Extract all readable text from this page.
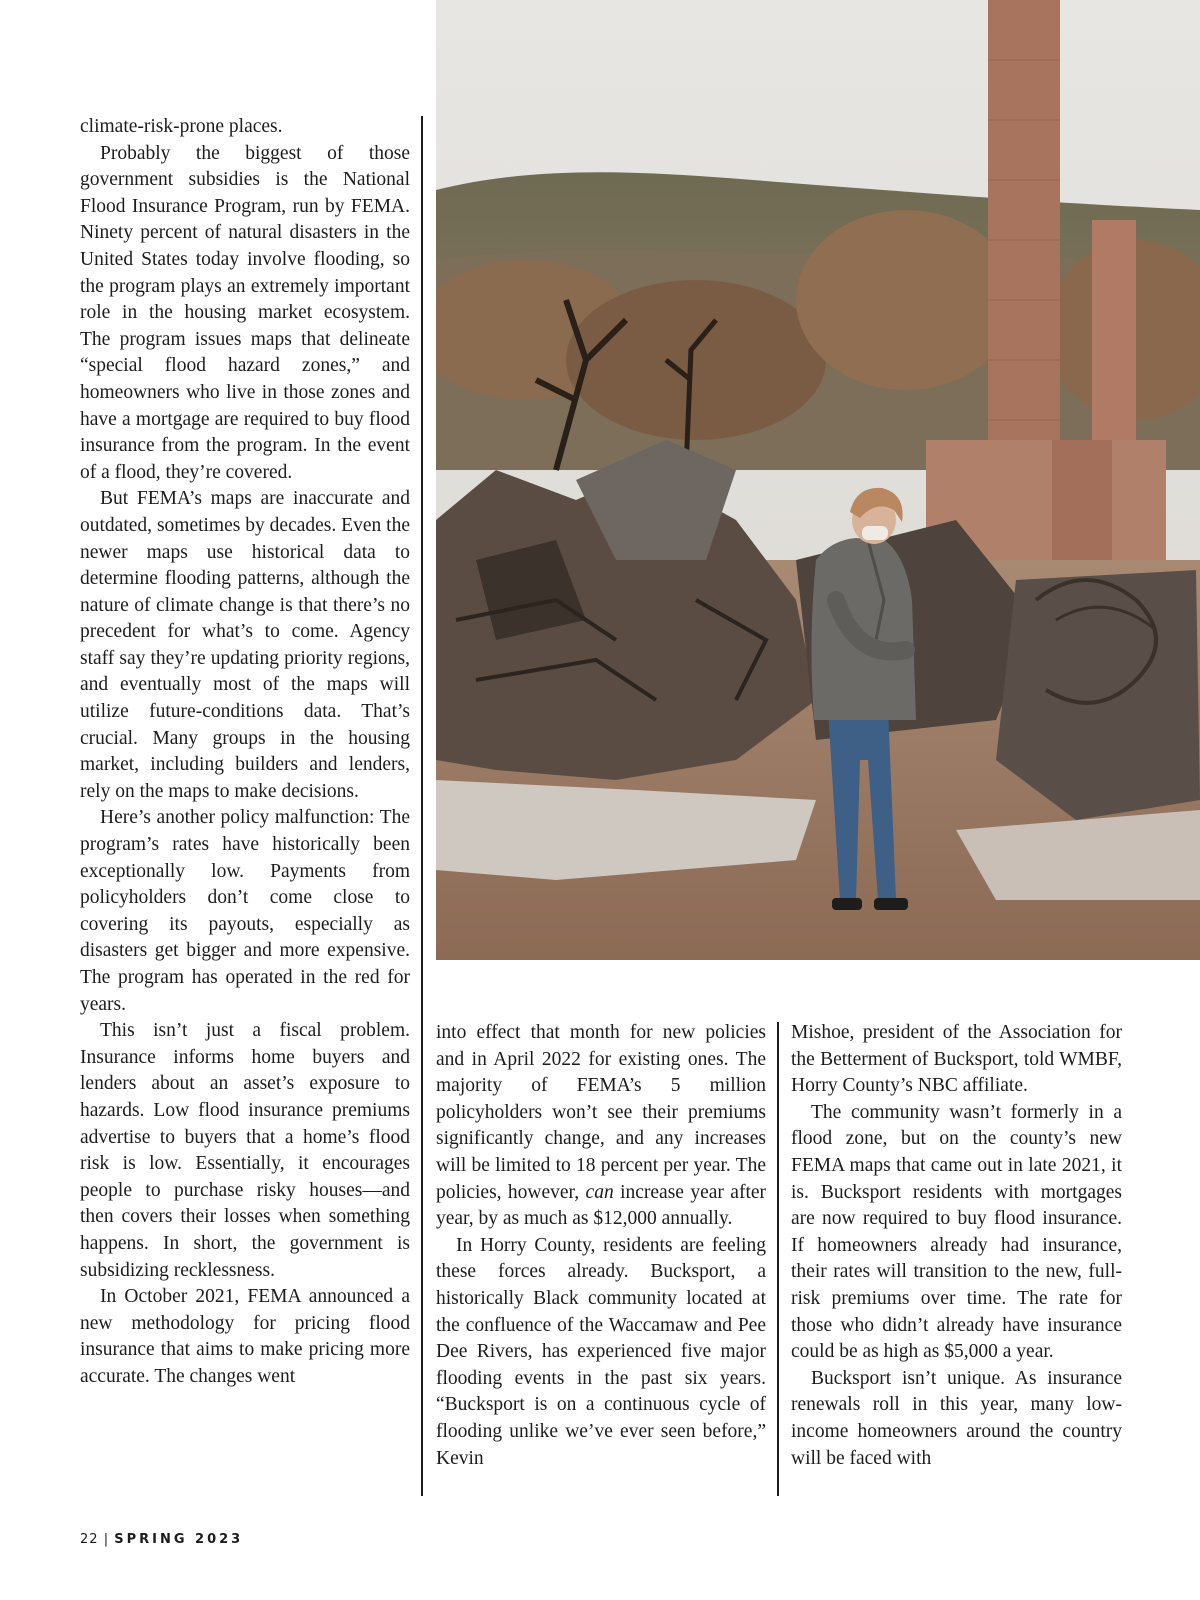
climate-risk-prone places.

Probably the biggest of those government subsidies is the National Flood Insurance Program, run by FEMA. Ninety percent of natural disasters in the United States today involve flooding, so the program plays an extremely important role in the housing market ecosystem. The program issues maps that delineate “special flood hazard zones,” and homeowners who live in those zones and have a mortgage are required to buy flood insurance from the program. In the event of a flood, they’re covered.

But FEMA’s maps are inaccurate and outdated, sometimes by decades. Even the newer maps use historical data to determine flooding patterns, although the nature of climate change is that there’s no precedent for what’s to come. Agency staff say they’re updating priority regions, and eventually most of the maps will utilize future-conditions data. That’s crucial. Many groups in the housing market, including builders and lenders, rely on the maps to make decisions.

Here’s another policy malfunction: The program’s rates have historically been exceptionally low. Payments from policyholders don’t come close to covering its payouts, especially as disasters get bigger and more expensive. The program has operated in the red for years.

This isn’t just a fiscal problem. Insurance informs home buyers and lenders about an asset’s exposure to hazards. Low flood insurance premiums advertise to buyers that a home’s flood risk is low. Essentially, it encourages people to purchase risky houses—and then covers their losses when something happens. In short, the government is subsidizing recklessness.

In October 2021, FEMA announced a new methodology for pricing flood insurance that aims to make pricing more accurate. The changes went

into effect that month for new policies and in April 2022 for existing ones. The majority of FEMA’s 5 million policyholders won’t see their premiums significantly change, and any increases will be limited to 18 percent per year. The policies, however, can increase year after year, by as much as $12,000 annually.

In Horry County, residents are feeling these forces already. Bucksport, a historically Black community located at the confluence of the Waccamaw and Pee Dee Rivers, has experienced five major flooding events in the past six years. “Bucksport is on a continuous cycle of flooding unlike we’ve ever seen before,” Kevin

Mishoe, president of the Association for the Betterment of Bucksport, told WMBF, Horry County’s NBC affiliate.

The community wasn’t formerly in a flood zone, but on the county’s new FEMA maps that came out in late 2021, it is. Bucksport residents with mortgages are now required to buy flood insurance. If homeowners already had insurance, their rates will transition to the new, full-risk premiums over time. The rate for those who didn’t already have insurance could be as high as $5,000 a year.

Bucksport isn’t unique. As insurance renewals roll in this year, many low-income homeowners around the country will be faced with

22 | SPRING 2023
